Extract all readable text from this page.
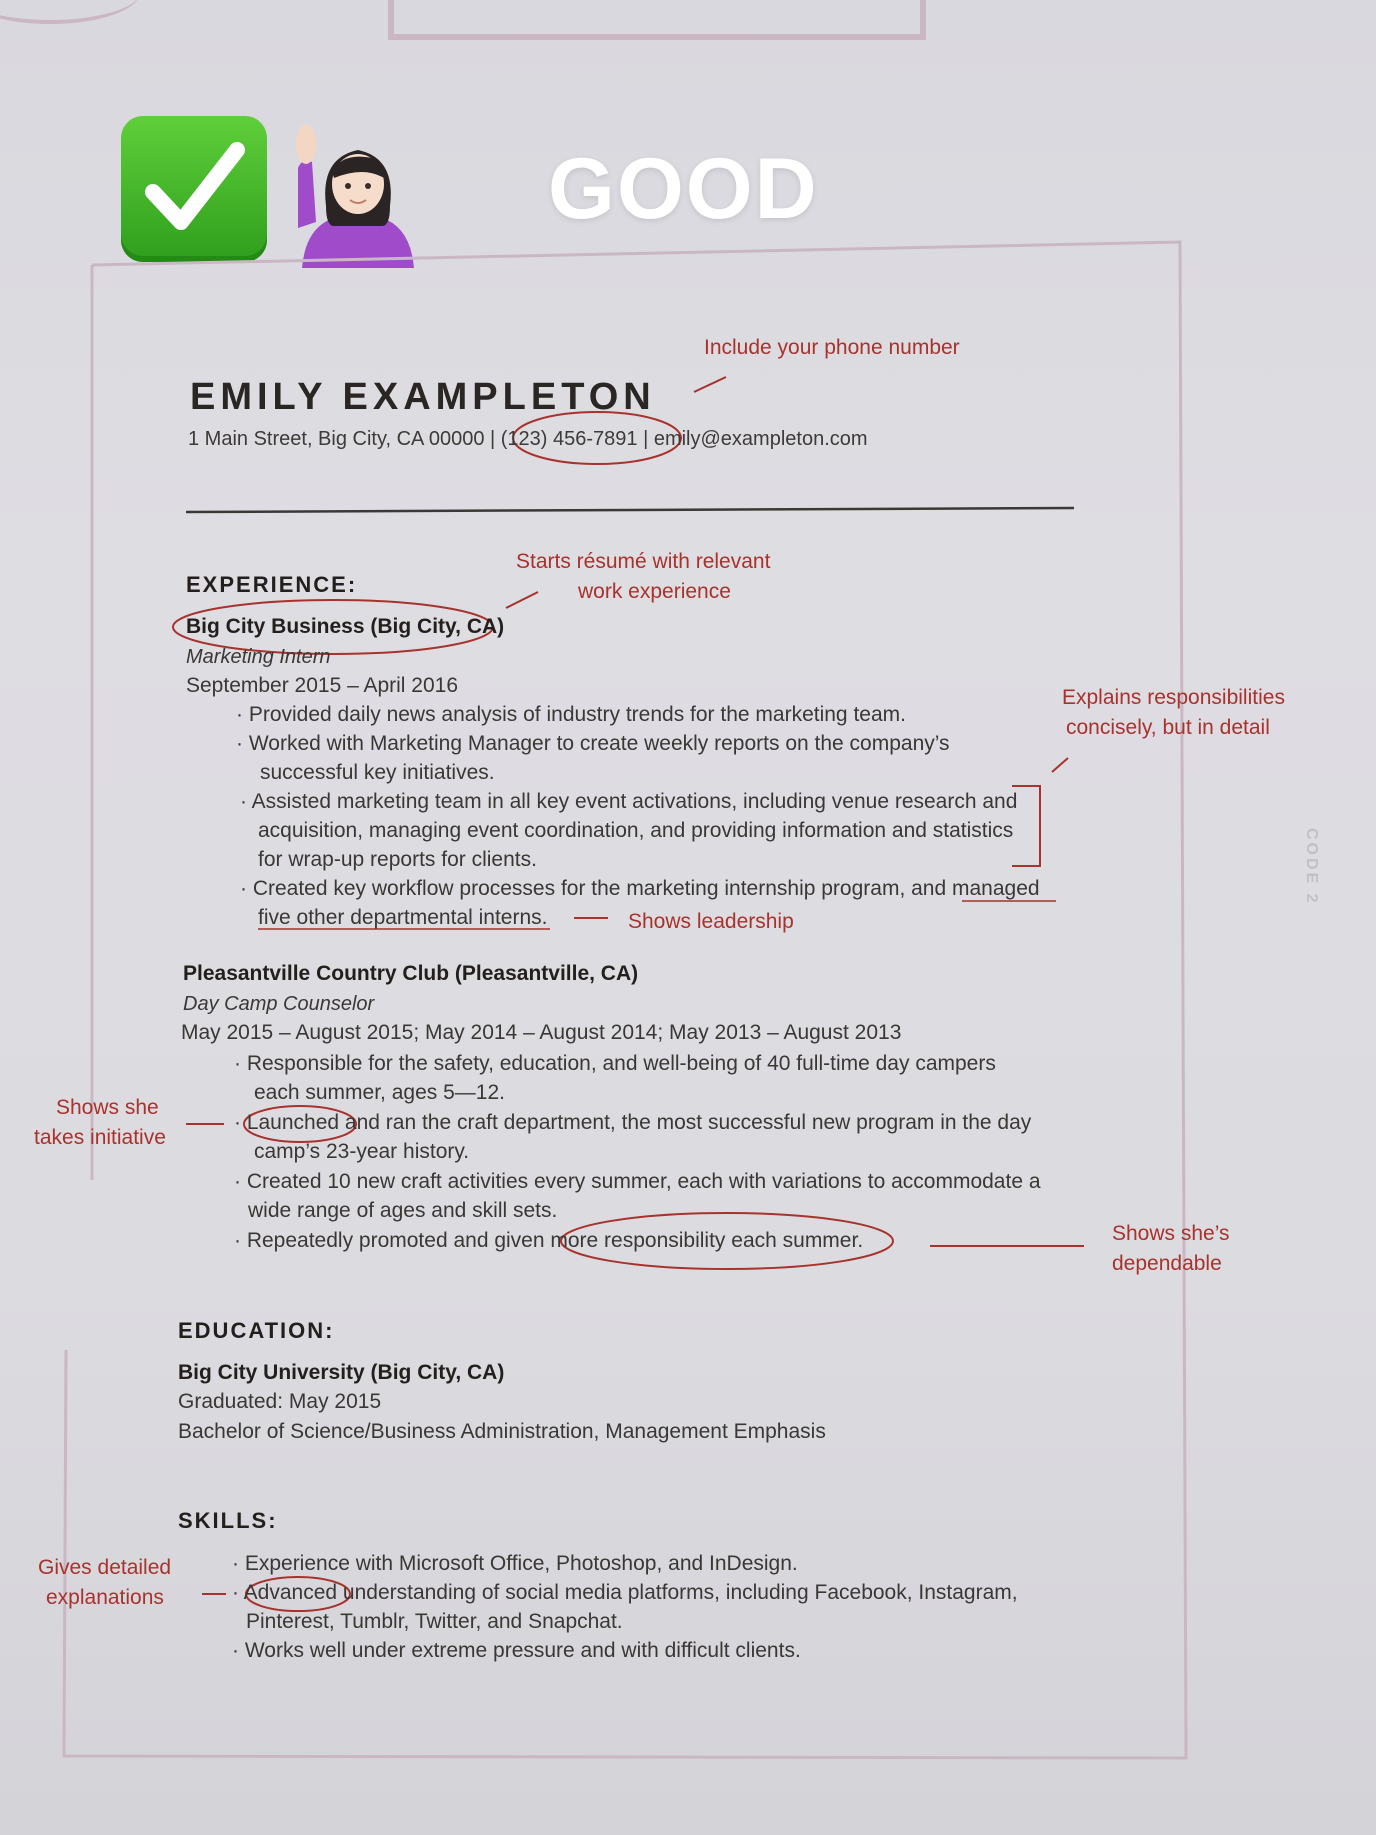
GOOD
EMILY EXAMPLETON
1 Main Street, Big City, CA 00000 | (123) 456-7891 | emily@exampleton.com
EXPERIENCE:
Big City Business (Big City, CA)
Marketing Intern
September 2015 – April 2016
· Provided daily news analysis of industry trends for the marketing team.
· Worked with Marketing Manager to create weekly reports on the company’s
successful key initiatives.
· Assisted marketing team in all key event activations, including venue research and
acquisition, managing event coordination, and providing information and statistics
for wrap-up reports for clients.
· Created key workflow processes for the marketing internship program, and managed
five other departmental interns.
Pleasantville Country Club (Pleasantville, CA)
Day Camp Counselor
May 2015 – August 2015; May 2014 – August 2014; May 2013 – August 2013
· Responsible for the safety, education, and well-being of 40 full-time day campers
each summer, ages 5—12.
· Launched and ran the craft department, the most successful new program in the day
camp’s 23-year history.
· Created 10 new craft activities every summer, each with variations to accommodate a
wide range of ages and skill sets.
· Repeatedly promoted and given more responsibility each summer.
EDUCATION:
Big City University (Big City, CA)
Graduated: May 2015
Bachelor of Science/Business Administration, Management Emphasis
SKILLS:
· Experience with Microsoft Office, Photoshop, and InDesign.
· Advanced understanding of social media platforms, including Facebook, Instagram,
Pinterest, Tumblr, Twitter, and Snapchat.
· Works well under extreme pressure and with difficult clients.
CODE 2
Include your phone number
Starts résumé with relevant
work experience
Explains responsibilities
concisely, but in detail
Shows leadership
Shows she
takes initiative
Shows she’s
dependable
Gives detailed
explanations
